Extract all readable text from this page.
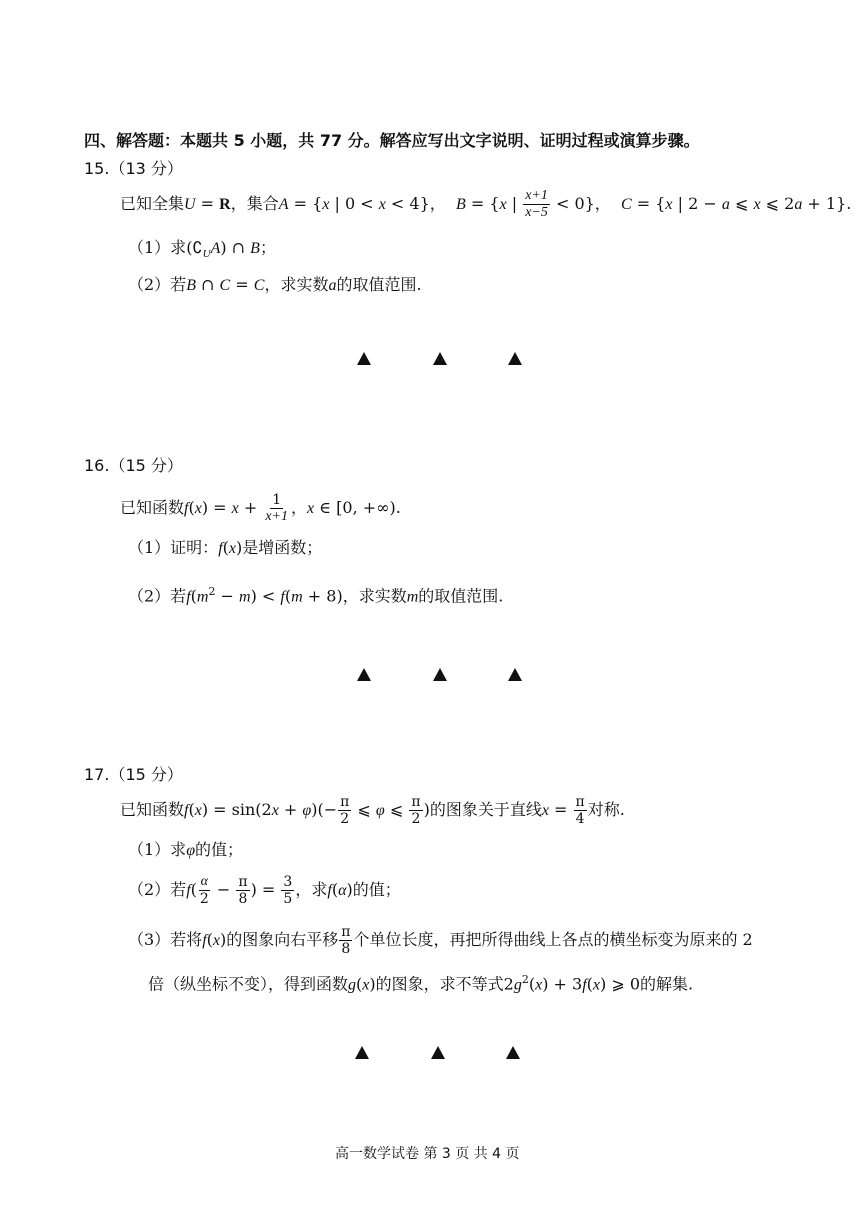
四、解答题：本题共 5 小题，共 77 分。解答应写出文字说明、证明过程或演算步骤。
15.（13 分）
已知全集U = R，集合A = {x | 0 < x < 4}，  B = {x | $\frac{x+1}{x-5} < 0$}，  C = {x | 2 − a ⩽ x ⩽ 2a + 1}.
（1）求$(∁_UA)$ ∩ B；
（2）若B ∩ C = C，求实数a的取值范围.
16.（15 分）
已知函数$f(x) = x + \frac{1}{x+1}$ ，x ∈ [0, +∞).
（1）证明：f(x)是增函数；
（2）若$f(m^2 - m) < f(m + 8)$，求实数m的取值范围.
17.（15 分）
已知函数$f(x) = \sin(2x + \varphi)(- \frac{\pi}{2}$ ⩽ φ ⩽ $\frac{\pi}{2}$ )的图象关于直线$x = \frac{\pi}{4}$ 对称.
（1）求φ的值；
（2）若$f( \frac{\alpha}{2} - \frac{\pi}{8}$ ) = $\frac{3}{5}$ ，求f(α)的值；
（3）若将f(x)的图象向右平移 $\frac{\pi}{8}$ 个单位长度，再把所得曲线上各点的横坐标变为原来的 2
倍（纵坐标不变），得到函数g(x)的图象，求不等式$2g^2(x) + 3f(x)$ ⩾ 0的解集.
高一数学试卷 第 3 页 共 4 页
